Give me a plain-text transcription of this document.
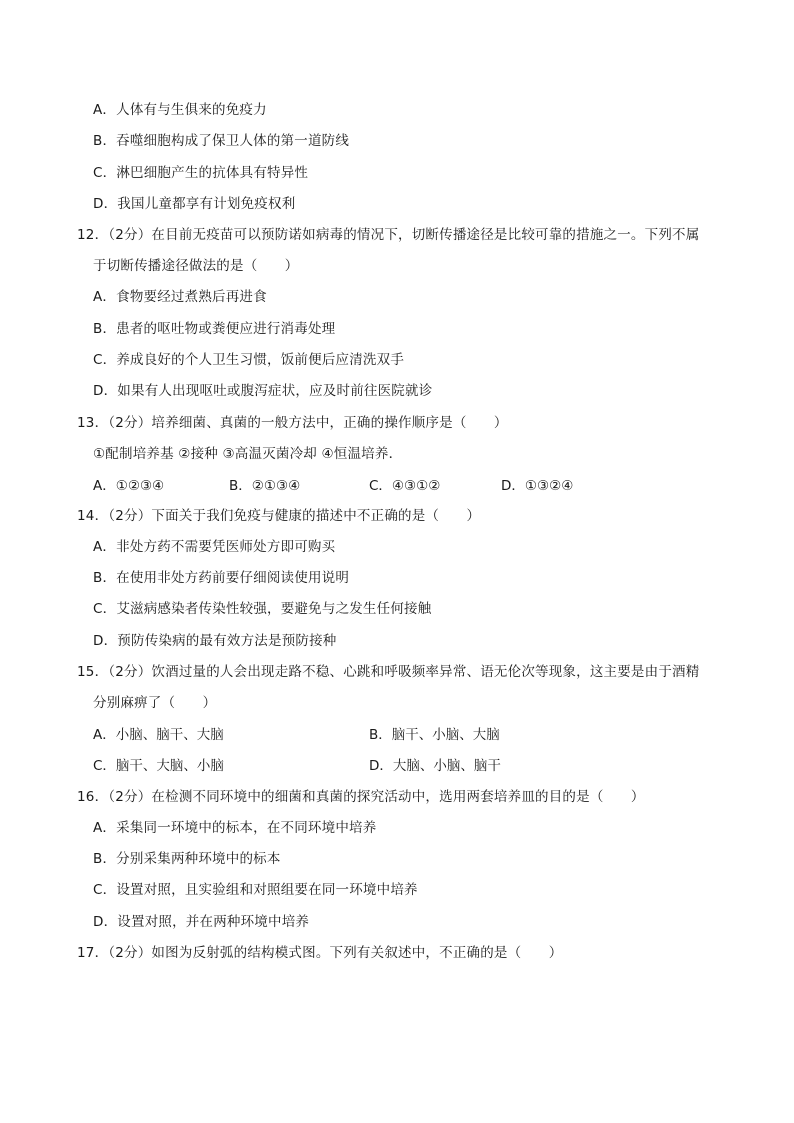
A．人体有与生俱来的免疫力
B．吞噬细胞构成了保卫人体的第一道防线
C．淋巴细胞产生的抗体具有特异性
D．我国儿童都享有计划免疫权利
12．（2分）在目前无疫苗可以预防诺如病毒的情况下，切断传播途径是比较可靠的措施之一。下列不属
于切断传播途径做法的是（　　）
A．食物要经过煮熟后再进食
B．患者的呕吐物或粪便应进行消毒处理
C．养成良好的个人卫生习惯，饭前便后应清洗双手
D．如果有人出现呕吐或腹泻症状，应及时前往医院就诊
13．（2分）培养细菌、真菌的一般方法中，正确的操作顺序是（　　）
①配制培养基 ②接种 ③高温灭菌冷却 ④恒温培养．
A．①②③④	B．②①③④	C．④③①②	D．①③②④
14．（2分）下面关于我们免疫与健康的描述中不正确的是（　　）
A．非处方药不需要凭医师处方即可购买
B．在使用非处方药前要仔细阅读使用说明
C．艾滋病感染者传染性较强，要避免与之发生任何接触
D．预防传染病的最有效方法是预防接种
15．（2分）饮酒过量的人会出现走路不稳、心跳和呼吸频率异常、语无伦次等现象，这主要是由于酒精
分别麻痹了（　　）
A．小脑、脑干、大脑	B．脑干、小脑、大脑
C．脑干、大脑、小脑	D．大脑、小脑、脑干
16．（2分）在检测不同环境中的细菌和真菌的探究活动中，选用两套培养皿的目的是（　　）
A．采集同一环境中的标本，在不同环境中培养
B．分别采集两种环境中的标本
C．设置对照，且实验组和对照组要在同一环境中培养
D．设置对照，并在两种环境中培养
17．（2分）如图为反射弧的结构模式图。下列有关叙述中，不正确的是（　　）
